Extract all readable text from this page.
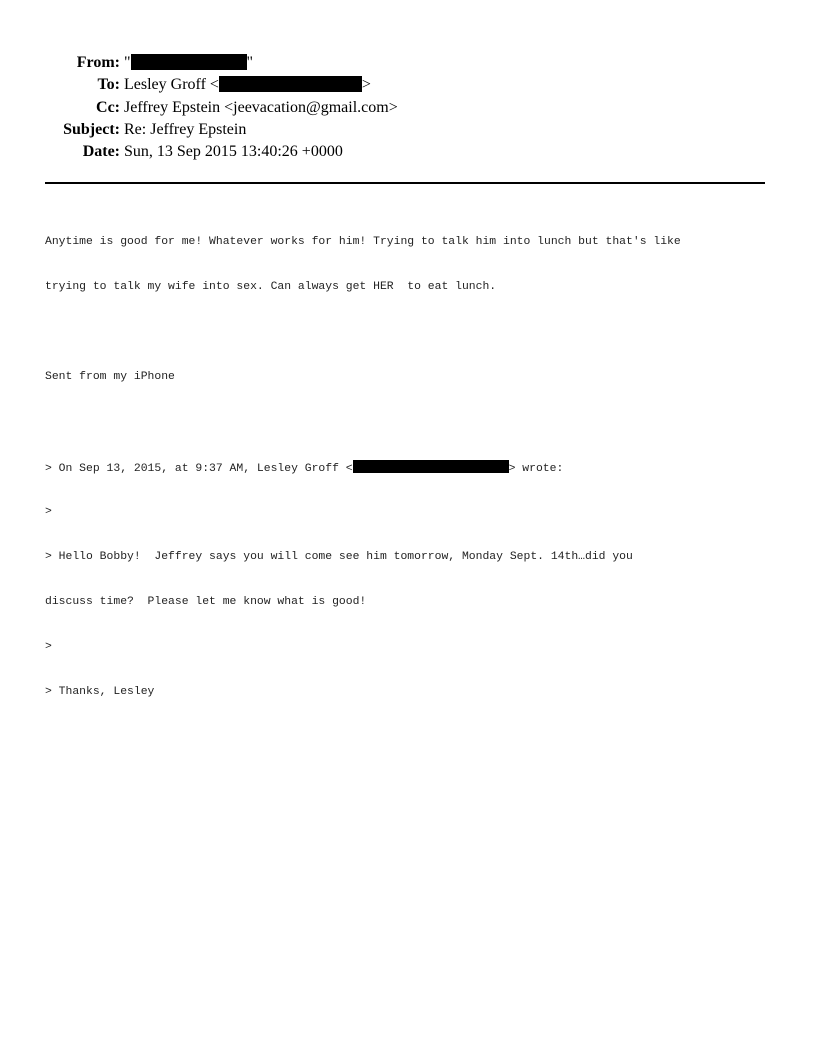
From: "	"
To: Lesley Groff <	>
Cc: Jeffrey Epstein <jeevacation@gmail.com>
Subject: Re: Jeffrey Epstein
Date: Sun, 13 Sep 2015 13:40:26 +0000

Anytime is good for me! Whatever works for him! Trying to talk him into lunch but that's like

trying to talk my wife into sex. Can always get HER  to eat lunch.

Sent from my iPhone

> On Sep 13, 2015, at 9:37 AM, Lesley Groff <	> wrote:

>

> Hello Bobby!  Jeffrey says you will come see him tomorrow, Monday Sept. 14th…did you

discuss time?  Please let me know what is good!

>

> Thanks, Lesley
